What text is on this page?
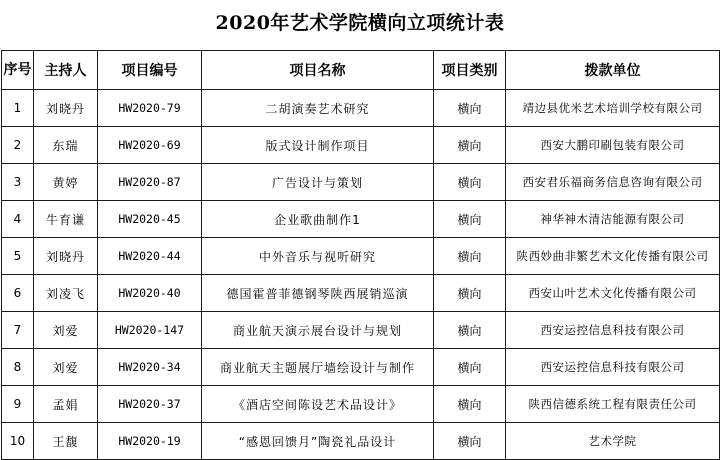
2020年艺术学院横向立项统计表
序号	主持人	项目编号	项目名称	项目类别	拨款单位
1	刘晓丹	HW2020-79	二胡演奏艺术研究	横向	靖边县优米艺术培训学校有限公司
2	东瑞	HW2020-69	版式设计制作项目	横向	西安大鹏印刷包装有限公司
3	黄婷	HW2020-87	广告设计与策划	横向	西安君乐福商务信息咨询有限公司
4	牛育谦	HW2020-45	企业歌曲制作1	横向	神华神木清洁能源有限公司
5	刘晓丹	HW2020-44	中外音乐与视听研究	横向	陕西妙曲非繁艺术文化传播有限公司
6	刘凌飞	HW2020-40	德国霍普菲德钢琴陕西展销巡演	横向	西安山叶艺术文化传播有限公司
7	刘爱	HW2020-147	商业航天演示展台设计与规划	横向	西安运控信息科技有限公司
8	刘爱	HW2020-34	商业航天主题展厅墙绘设计与制作	横向	西安运控信息科技有限公司
9	孟娟	HW2020-37	《酒店空间陈设艺术品设计》	横向	陕西信德系统工程有限责任公司
10	王馥	HW2020-19	“感恩回馈月”陶瓷礼品设计	横向	艺术学院
